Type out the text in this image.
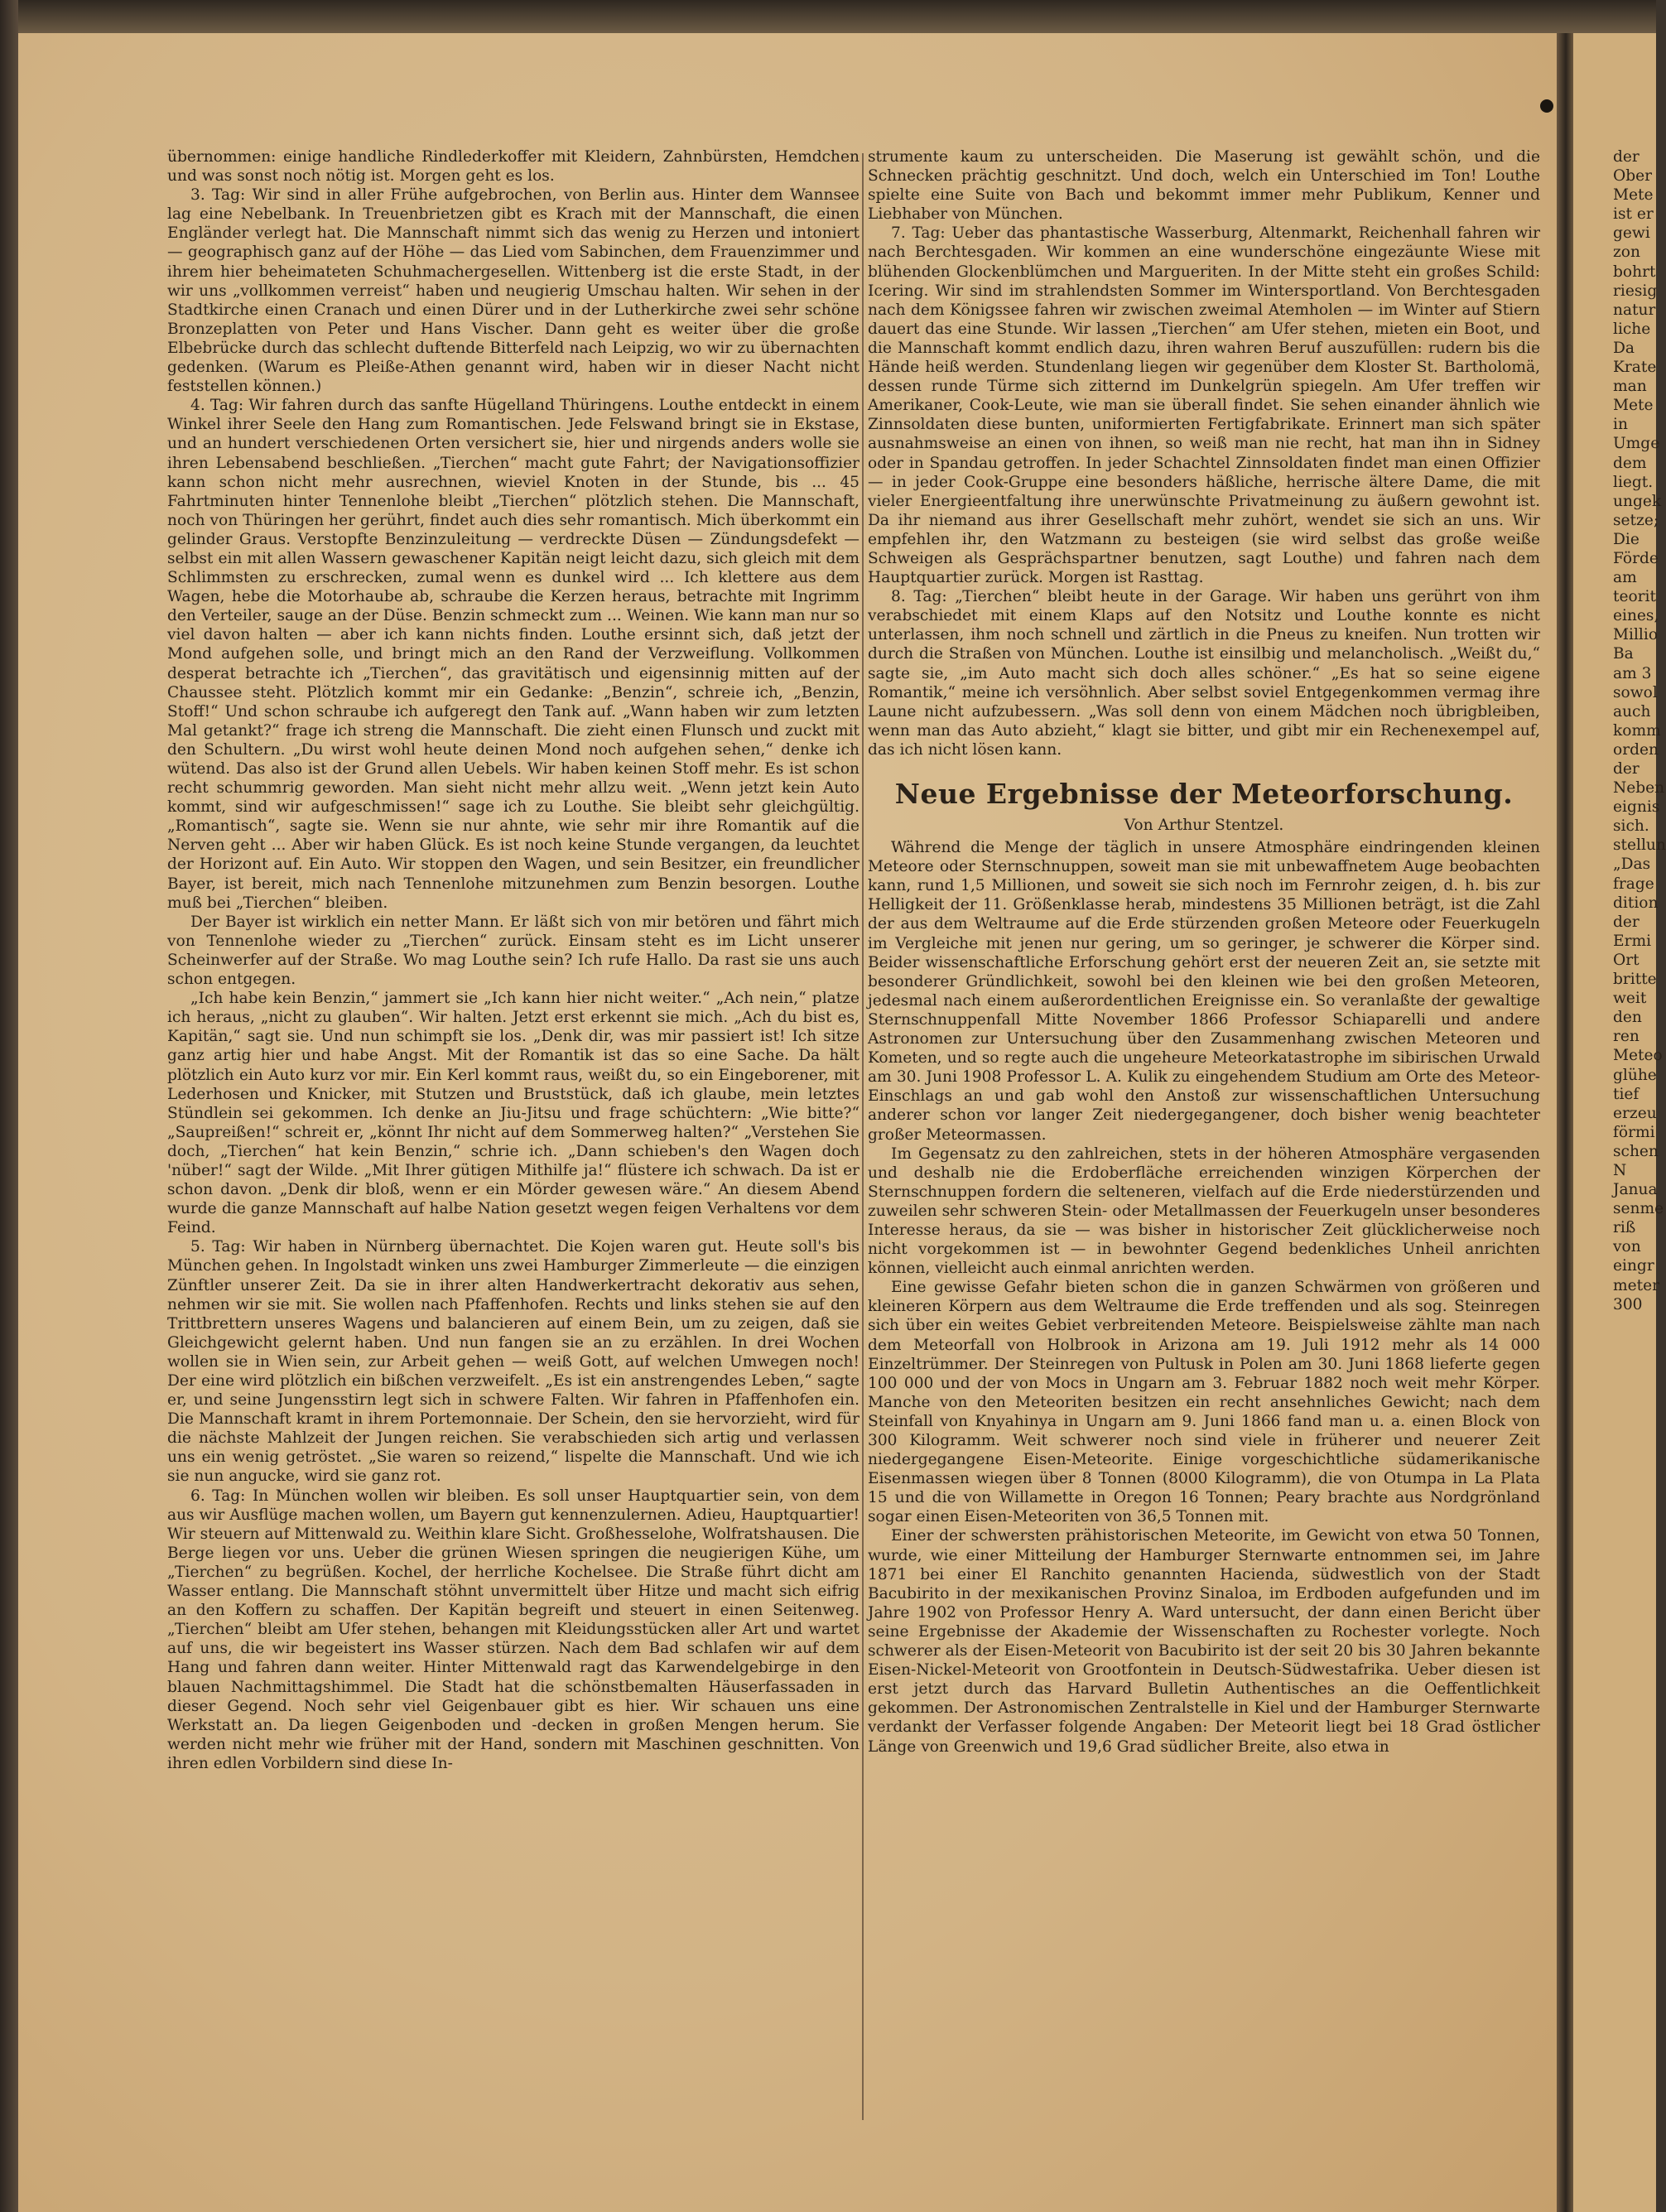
übernommen: einige handliche Rindlederkoffer mit Kleidern, Zahnbürsten, Hemdchen und was sonst noch nötig ist. Morgen geht es los.

3. Tag: Wir sind in aller Frühe aufgebrochen, von Berlin aus. Hinter dem Wannsee lag eine Nebelbank. In Treuenbrietzen gibt es Krach mit der Mannschaft, die einen Engländer verlegt hat. Die Mannschaft nimmt sich das wenig zu Herzen und intoniert — geographisch ganz auf der Höhe — das Lied vom Sabinchen, dem Frauenzimmer und ihrem hier beheimateten Schuhmachergesellen. Wittenberg ist die erste Stadt, in der wir uns „vollkommen verreist“ haben und neugierig Umschau halten. Wir sehen in der Stadtkirche einen Cranach und einen Dürer und in der Lutherkirche zwei sehr schöne Bronzeplatten von Peter und Hans Vischer. Dann geht es weiter über die große Elbebrücke durch das schlecht duftende Bitterfeld nach Leipzig, wo wir zu übernachten gedenken. (Warum es Pleiße-Athen genannt wird, haben wir in dieser Nacht nicht feststellen können.)

4. Tag: Wir fahren durch das sanfte Hügelland Thüringens. Louthe entdeckt in einem Winkel ihrer Seele den Hang zum Romantischen. Jede Felswand bringt sie in Ekstase, und an hundert verschiedenen Orten versichert sie, hier und nirgends anders wolle sie ihren Lebensabend beschließen. „Tierchen“ macht gute Fahrt; der Navigationsoffizier kann schon nicht mehr ausrechnen, wieviel Knoten in der Stunde, bis ... 45 Fahrtminuten hinter Tennenlohe bleibt „Tierchen“ plötzlich stehen. Die Mannschaft, noch von Thüringen her gerührt, findet auch dies sehr romantisch. Mich überkommt ein gelinder Graus. Verstopfte Benzinzuleitung — verdreckte Düsen — Zündungsdefekt — selbst ein mit allen Wassern gewaschener Kapitän neigt leicht dazu, sich gleich mit dem Schlimmsten zu erschrecken, zumal wenn es dunkel wird ... Ich klettere aus dem Wagen, hebe die Motorhaube ab, schraube die Kerzen heraus, betrachte mit Ingrimm den Verteiler, sauge an der Düse. Benzin schmeckt zum ... Weinen. Wie kann man nur so viel davon halten — aber ich kann nichts finden. Louthe ersinnt sich, daß jetzt der Mond aufgehen solle, und bringt mich an den Rand der Verzweiflung. Vollkommen desperat betrachte ich „Tierchen“, das gravitätisch und eigensinnig mitten auf der Chaussee steht. Plötzlich kommt mir ein Gedanke: „Benzin“, schreie ich, „Benzin, Stoff!“ Und schon schraube ich aufgeregt den Tank auf. „Wann haben wir zum letzten Mal getankt?“ frage ich streng die Mannschaft. Die zieht einen Flunsch und zuckt mit den Schultern. „Du wirst wohl heute deinen Mond noch aufgehen sehen,“ denke ich wütend. Das also ist der Grund allen Uebels. Wir haben keinen Stoff mehr. Es ist schon recht schummrig geworden. Man sieht nicht mehr allzu weit. „Wenn jetzt kein Auto kommt, sind wir aufgeschmissen!“ sage ich zu Louthe. Sie bleibt sehr gleichgültig. „Romantisch“, sagte sie. Wenn sie nur ahnte, wie sehr mir ihre Romantik auf die Nerven geht ... Aber wir haben Glück. Es ist noch keine Stunde vergangen, da leuchtet der Horizont auf. Ein Auto. Wir stoppen den Wagen, und sein Besitzer, ein freundlicher Bayer, ist bereit, mich nach Tennenlohe mitzunehmen zum Benzin besorgen. Louthe muß bei „Tierchen“ bleiben.

Der Bayer ist wirklich ein netter Mann. Er läßt sich von mir betören und fährt mich von Tennenlohe wieder zu „Tierchen“ zurück. Einsam steht es im Licht unserer Scheinwerfer auf der Straße. Wo mag Louthe sein? Ich rufe Hallo. Da rast sie uns auch schon entgegen.

„Ich habe kein Benzin,“ jammert sie „Ich kann hier nicht weiter.“ „Ach nein,“ platze ich heraus, „nicht zu glauben“. Wir halten. Jetzt erst erkennt sie mich. „Ach du bist es, Kapitän,“ sagt sie. Und nun schimpft sie los. „Denk dir, was mir passiert ist! Ich sitze ganz artig hier und habe Angst. Mit der Romantik ist das so eine Sache. Da hält plötzlich ein Auto kurz vor mir. Ein Kerl kommt raus, weißt du, so ein Eingeborener, mit Lederhosen und Knicker, mit Stutzen und Bruststück, daß ich glaube, mein letztes Stündlein sei gekommen. Ich denke an Jiu-Jitsu und frage schüchtern: „Wie bitte?“ „Saupreißen!“ schreit er, „könnt Ihr nicht auf dem Sommerweg halten?“ „Verstehen Sie doch, „Tierchen“ hat kein Benzin,“ schrie ich. „Dann schieben's den Wagen doch 'nüber!“ sagt der Wilde. „Mit Ihrer gütigen Mithilfe ja!“ flüstere ich schwach. Da ist er schon davon. „Denk dir bloß, wenn er ein Mörder gewesen wäre.“ An diesem Abend wurde die ganze Mannschaft auf halbe Nation gesetzt wegen feigen Verhaltens vor dem Feind.

5. Tag: Wir haben in Nürnberg übernachtet. Die Kojen waren gut. Heute soll's bis München gehen. In Ingolstadt winken uns zwei Hamburger Zimmerleute — die einzigen Zünftler unserer Zeit. Da sie in ihrer alten Handwerkertracht dekorativ aus sehen, nehmen wir sie mit. Sie wollen nach Pfaffenhofen. Rechts und links stehen sie auf den Trittbrettern unseres Wagens und balancieren auf einem Bein, um zu zeigen, daß sie Gleichgewicht gelernt haben. Und nun fangen sie an zu erzählen. In drei Wochen wollen sie in Wien sein, zur Arbeit gehen — weiß Gott, auf welchen Umwegen noch! Der eine wird plötzlich ein bißchen verzweifelt. „Es ist ein anstrengendes Leben,“ sagte er, und seine Jungensstirn legt sich in schwere Falten. Wir fahren in Pfaffenhofen ein. Die Mannschaft kramt in ihrem Portemonnaie. Der Schein, den sie hervorzieht, wird für die nächste Mahlzeit der Jungen reichen. Sie verabschieden sich artig und verlassen uns ein wenig getröstet. „Sie waren so reizend,“ lispelte die Mannschaft. Und wie ich sie nun angucke, wird sie ganz rot.

6. Tag: In München wollen wir bleiben. Es soll unser Hauptquartier sein, von dem aus wir Ausflüge machen wollen, um Bayern gut kennenzulernen. Adieu, Hauptquartier! Wir steuern auf Mittenwald zu. Weithin klare Sicht. Großhesselohe, Wolfratshausen. Die Berge liegen vor uns. Ueber die grünen Wiesen springen die neugierigen Kühe, um „Tierchen“ zu begrüßen. Kochel, der herrliche Kochelsee. Die Straße führt dicht am Wasser entlang. Die Mannschaft stöhnt unvermittelt über Hitze und macht sich eifrig an den Koffern zu schaffen. Der Kapitän begreift und steuert in einen Seitenweg. „Tierchen“ bleibt am Ufer stehen, behangen mit Kleidungsstücken aller Art und wartet auf uns, die wir begeistert ins Wasser stürzen. Nach dem Bad schlafen wir auf dem Hang und fahren dann weiter. Hinter Mittenwald ragt das Karwendelgebirge in den blauen Nachmittagshimmel. Die Stadt hat die schönstbemalten Häuserfassaden in dieser Gegend. Noch sehr viel Geigenbauer gibt es hier. Wir schauen uns eine Werkstatt an. Da liegen Geigenboden und -decken in großen Mengen herum. Sie werden nicht mehr wie früher mit der Hand, sondern mit Maschinen geschnitten. Von ihren edlen Vorbildern sind diese In-

strumente kaum zu unterscheiden. Die Maserung ist gewählt schön, und die Schnecken prächtig geschnitzt. Und doch, welch ein Unterschied im Ton! Louthe spielte eine Suite von Bach und bekommt immer mehr Publikum, Kenner und Liebhaber von München.

7. Tag: Ueber das phantastische Wasserburg, Altenmarkt, Reichenhall fahren wir nach Berchtesgaden. Wir kommen an eine wunderschöne eingezäunte Wiese mit blühenden Glockenblümchen und Margueriten. In der Mitte steht ein großes Schild: Icering. Wir sind im strahlendsten Sommer im Wintersportland. Von Berchtesgaden nach dem Königssee fahren wir zwischen zweimal Atemholen — im Winter auf Stiern dauert das eine Stunde. Wir lassen „Tierchen“ am Ufer stehen, mieten ein Boot, und die Mannschaft kommt endlich dazu, ihren wahren Beruf auszufüllen: rudern bis die Hände heiß werden. Stundenlang liegen wir gegenüber dem Kloster St. Bartholomä, dessen runde Türme sich zitternd im Dunkelgrün spiegeln. Am Ufer treffen wir Amerikaner, Cook-Leute, wie man sie überall findet. Sie sehen einander ähnlich wie Zinnsoldaten diese bunten, uniformierten Fertigfabrikate. Erinnert man sich später ausnahmsweise an einen von ihnen, so weiß man nie recht, hat man ihn in Sidney oder in Spandau getroffen. In jeder Schachtel Zinnsoldaten findet man einen Offizier — in jeder Cook-Gruppe eine besonders häßliche, herrische ältere Dame, die mit vieler Energieentfaltung ihre unerwünschte Privatmeinung zu äußern gewohnt ist. Da ihr niemand aus ihrer Gesellschaft mehr zuhört, wendet sie sich an uns. Wir empfehlen ihr, den Watzmann zu besteigen (sie wird selbst das große weiße Schweigen als Gesprächspartner benutzen, sagt Louthe) und fahren nach dem Hauptquartier zurück. Morgen ist Rasttag.

8. Tag: „Tierchen“ bleibt heute in der Garage. Wir haben uns gerührt von ihm verabschiedet mit einem Klaps auf den Notsitz und Louthe konnte es nicht unterlassen, ihm noch schnell und zärtlich in die Pneus zu kneifen. Nun trotten wir durch die Straßen von München. Louthe ist einsilbig und melancholisch. „Weißt du,“ sagte sie, „im Auto macht sich doch alles schöner.“ „Es hat so seine eigene Romantik,“ meine ich versöhnlich. Aber selbst soviel Entgegenkommen vermag ihre Laune nicht aufzubessern. „Was soll denn von einem Mädchen noch übrigbleiben, wenn man das Auto abzieht,“ klagt sie bitter, und gibt mir ein Rechenexempel auf, das ich nicht lösen kann.

Neue Ergebnisse der Meteorforschung.
Von Arthur Stentzel.

Während die Menge der täglich in unsere Atmosphäre eindringenden kleinen Meteore oder Sternschnuppen, soweit man sie mit unbewaffnetem Auge beobachten kann, rund 1,5 Millionen, und soweit sie sich noch im Fernrohr zeigen, d. h. bis zur Helligkeit der 11. Größenklasse herab, mindestens 35 Millionen beträgt, ist die Zahl der aus dem Weltraume auf die Erde stürzenden großen Meteore oder Feuerkugeln im Vergleiche mit jenen nur gering, um so geringer, je schwerer die Körper sind. Beider wissenschaftliche Erforschung gehört erst der neueren Zeit an, sie setzte mit besonderer Gründlichkeit, sowohl bei den kleinen wie bei den großen Meteoren, jedesmal nach einem außerordentlichen Ereignisse ein. So veranlaßte der gewaltige Sternschnuppenfall Mitte November 1866 Professor Schiaparelli und andere Astronomen zur Untersuchung über den Zusammenhang zwischen Meteoren und Kometen, und so regte auch die ungeheure Meteorkatastrophe im sibirischen Urwald am 30. Juni 1908 Professor L. A. Kulik zu eingehendem Studium am Orte des Meteor-Einschlags an und gab wohl den Anstoß zur wissenschaftlichen Untersuchung anderer schon vor langer Zeit niedergegangener, doch bisher wenig beachteter großer Meteormassen.

Im Gegensatz zu den zahlreichen, stets in der höheren Atmosphäre vergasenden und deshalb nie die Erdoberfläche erreichenden winzigen Körperchen der Sternschnuppen fordern die selteneren, vielfach auf die Erde niederstürzenden und zuweilen sehr schweren Stein- oder Metallmassen der Feuerkugeln unser besonderes Interesse heraus, da sie — was bisher in historischer Zeit glücklicherweise noch nicht vorgekommen ist — in bewohnter Gegend bedenkliches Unheil anrichten können, vielleicht auch einmal anrichten werden.

Eine gewisse Gefahr bieten schon die in ganzen Schwärmen von größeren und kleineren Körpern aus dem Weltraume die Erde treffenden und als sog. Steinregen sich über ein weites Gebiet verbreitenden Meteore. Beispielsweise zählte man nach dem Meteorfall von Holbrook in Arizona am 19. Juli 1912 mehr als 14 000 Einzeltrümmer. Der Steinregen von Pultusk in Polen am 30. Juni 1868 lieferte gegen 100 000 und der von Mocs in Ungarn am 3. Februar 1882 noch weit mehr Körper. Manche von den Meteoriten besitzen ein recht ansehnliches Gewicht; nach dem Steinfall von Knyahinya in Ungarn am 9. Juni 1866 fand man u. a. einen Block von 300 Kilogramm. Weit schwerer noch sind viele in früherer und neuerer Zeit niedergegangene Eisen-Meteorite. Einige vorgeschichtliche südamerikanische Eisenmassen wiegen über 8 Tonnen (8000 Kilogramm), die von Otumpa in La Plata 15 und die von Willamette in Oregon 16 Tonnen; Peary brachte aus Nordgrönland sogar einen Eisen-Meteoriten von 36,5 Tonnen mit.

Einer der schwersten prähistorischen Meteorite, im Gewicht von etwa 50 Tonnen, wurde, wie einer Mitteilung der Hamburger Sternwarte entnommen sei, im Jahre 1871 bei einer El Ranchito genannten Hacienda, südwestlich von der Stadt Bacubirito in der mexikanischen Provinz Sinaloa, im Erdboden aufgefunden und im Jahre 1902 von Professor Henry A. Ward untersucht, der dann einen Bericht über seine Ergebnisse der Akademie der Wissenschaften zu Rochester vorlegte. Noch schwerer als der Eisen-Meteorit von Bacubirito ist der seit 20 bis 30 Jahren bekannte Eisen-Nickel-Meteorit von Grootfontein in Deutsch-Südwestafrika. Ueber diesen ist erst jetzt durch das Harvard Bulletin Authentisches an die Oeffentlichkeit gekommen. Der Astronomischen Zentralstelle in Kiel und der Hamburger Sternwarte verdankt der Verfasser folgende Angaben: Der Meteorit liegt bei 18 Grad östlicher Länge von Greenwich und 19,6 Grad südlicher Breite, also etwa in

der
Ober
Mete
ist er
gewi
zon
bohrt
riesig
natur
liche
Da
Krate
man
Mete
in
Umge
dem
liegt.
ungek
setze;
Die
Förde
am
teorit
eines,
Millio
Ba
am 3
sowol
auch
komm
orden
der
Neben
eignis
sich.
stellun
„Das
frage
dition
der
Ermi
Ort
britte
weit
den
ren
Meteo
glühe
tief
erzeu
förmi
schen
N
Janua
senme
riß
von
eingr
meter
300
